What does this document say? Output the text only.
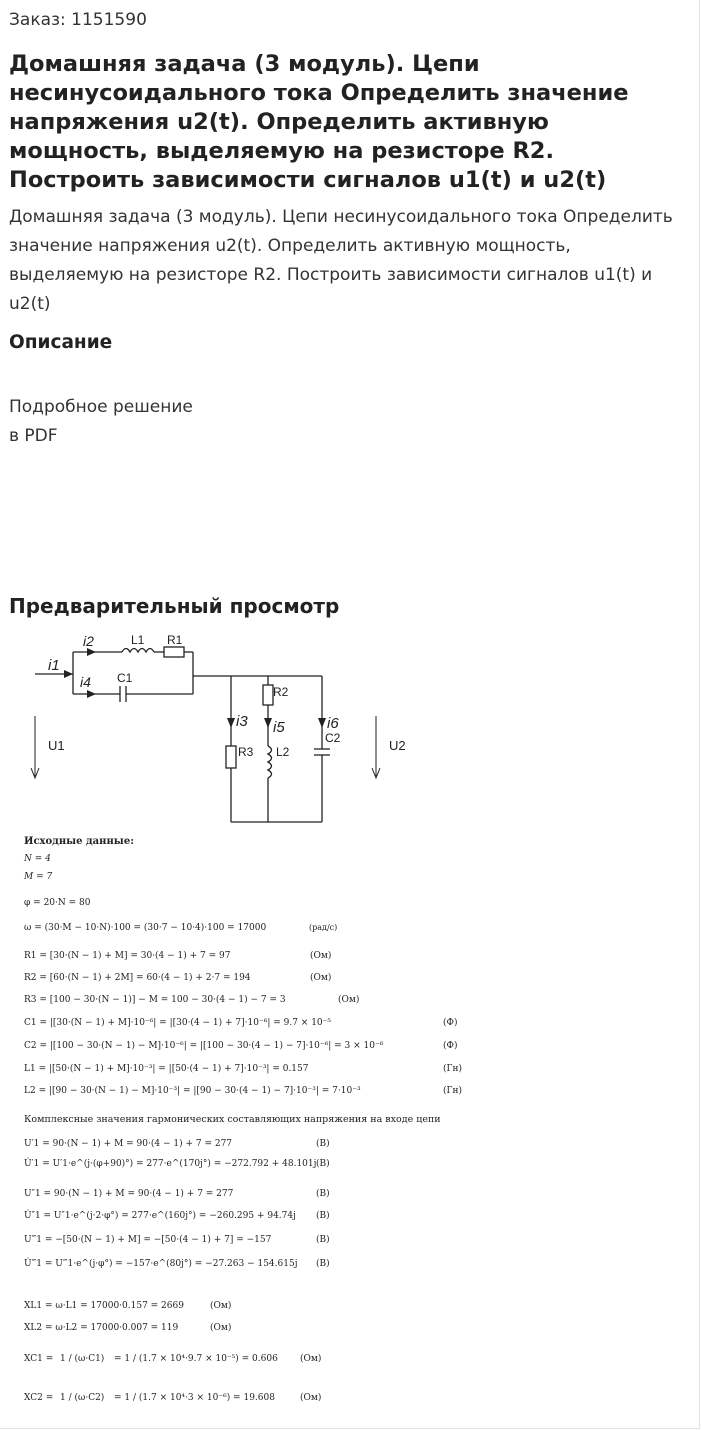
Заказ: 1151590
Домашняя задача (3 модуль). Цепи несинусоидального тока Определить значение напряжения u2(t). Определить активную мощность, выделяемую на резисторе R2. Построить зависимости сигналов u1(t) и u2(t)
Домашняя задача (3 модуль). Цепи несинусоидального тока Определить значение напряжения u2(t). Определить активную мощность, выделяемую на резисторе R2. Построить зависимости сигналов u1(t) и u2(t)
Описание
Подробное решение
в PDF
Предварительный просмотр
i1
i2
i4
L1 R1
C1
U1
i3
R3
R2
i5
L2
i6
C2	U2
Исходные данные:
N = 4
M = 7
φ = 20·N = 80
ω = (30·M − 10·N)·100 = (30·7 − 10·4)·100 = 17000	(рад/с)
R1 = [30·(N − 1) + M] = 30·(4 − 1) + 7 = 97	(Ом)
R2 = [60·(N − 1) + 2M] = 60·(4 − 1) + 2·7 = 194	(Ом)
R3 = [100 − 30·(N − 1)] − M = 100 − 30·(4 − 1) − 7 = 3	(Ом)
C1 = |[30·(N − 1) + M]·10⁻⁶| = |[30·(4 − 1) + 7]·10⁻⁶| = 9.7 × 10⁻⁵	(Ф)
C2 = |[100 − 30·(N − 1) − M]·10⁻⁶| = |[100 − 30·(4 − 1) − 7]·10⁻⁶| = 3 × 10⁻⁶	(Ф)
L1 = |[50·(N − 1) + M]·10⁻³| = |[50·(4 − 1) + 7]·10⁻³| = 0.157	(Гн)
L2 = |[90 − 30·(N − 1) − M]·10⁻³| = |[90 − 30·(4 − 1) − 7]·10⁻³| = 7·10⁻³	(Гн)
Комплексные значения гармонических составляющих напряжения на входе цепи
U′1 = 90·(N − 1) + M = 90·(4 − 1) + 7 = 277	(В)
U̇′1 = U′1·e^(j·(φ+90)°) = 277·e^(170j°) = −272.792 + 48.101j (В)
U″1 = 90·(N − 1) + M = 90·(4 − 1) + 7 = 277	(В)
U̇″1 = U″1·e^(j·2·φ°) = 277·e^(160j°) = −260.295 + 94.74j (В)
U‴1 = −[50·(N − 1) + M] = −[50·(4 − 1) + 7] = −157	(В)
U̇‴1 = U‴1·e^(j·φ°) = −157·e^(80j°) = −27.263 − 154.615j (В)
XL1 = ω·L1 = 17000·0.157 = 2669	(Ом)
XL2 = ω·L2 = 17000·0.007 = 119	(Ом)
XC1 = 1 / (ω·C1) = 1 / (1.7 × 10⁴·9.7 × 10⁻⁵) = 0.606 (Ом)
XC2 = 1 / (ω·C2) = 1 / (1.7 × 10⁴·3 × 10⁻⁶) = 19.608	(Ом)
